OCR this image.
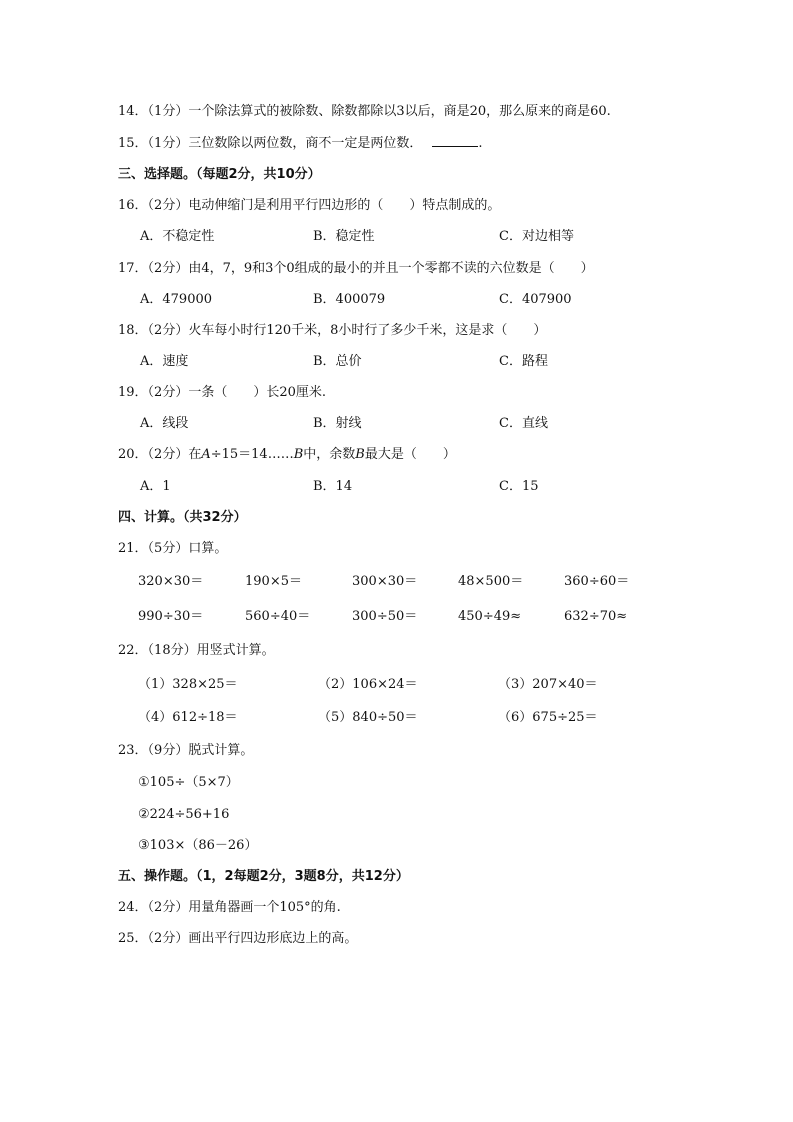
14．（1分）一个除法算式的被除数、除数都除以3以后，商是20，那么原来的商是60.
15．（1分）三位数除以两位数，商不一定是两位数．	.
三、选择题。（每题2分，共10分）
16．（2分）电动伸缩门是利用平行四边形的（　　）特点制成的。
A．不稳定性	B．稳定性	C．对边相等
17．（2分）由4，7，9和3个0组成的最小的并且一个零都不读的六位数是（　　）
A．479000	B．400079	C．407900
18．（2分）火车每小时行120千米，8小时行了多少千米，这是求（　　）
A．速度	B．总价	C．路程
19．（2分）一条（　　）长20厘米.
A．线段	B．射线	C．直线
20．（2分）在A÷15＝14……B中，余数B最大是（　　）
A．1	B．14	C．15
四、计算。（共32分）
21．（5分）口算。
320×30＝	190×5＝	300×30＝	48×500＝	360÷60＝
990÷30＝	560÷40＝	300÷50＝	450÷49≈	632÷70≈
22．（18分）用竖式计算。
（1）328×25＝	（2）106×24＝	（3）207×40＝
（4）612÷18＝	（5）840÷50＝	（6）675÷25＝
23．（9分）脱式计算。
①105÷（5×7）
②224÷56+16
③103×（86－26）
五、操作题。（1，2每题2分，3题8分，共12分）
24．（2分）用量角器画一个105°的角.
25．（2分）画出平行四边形底边上的高。
